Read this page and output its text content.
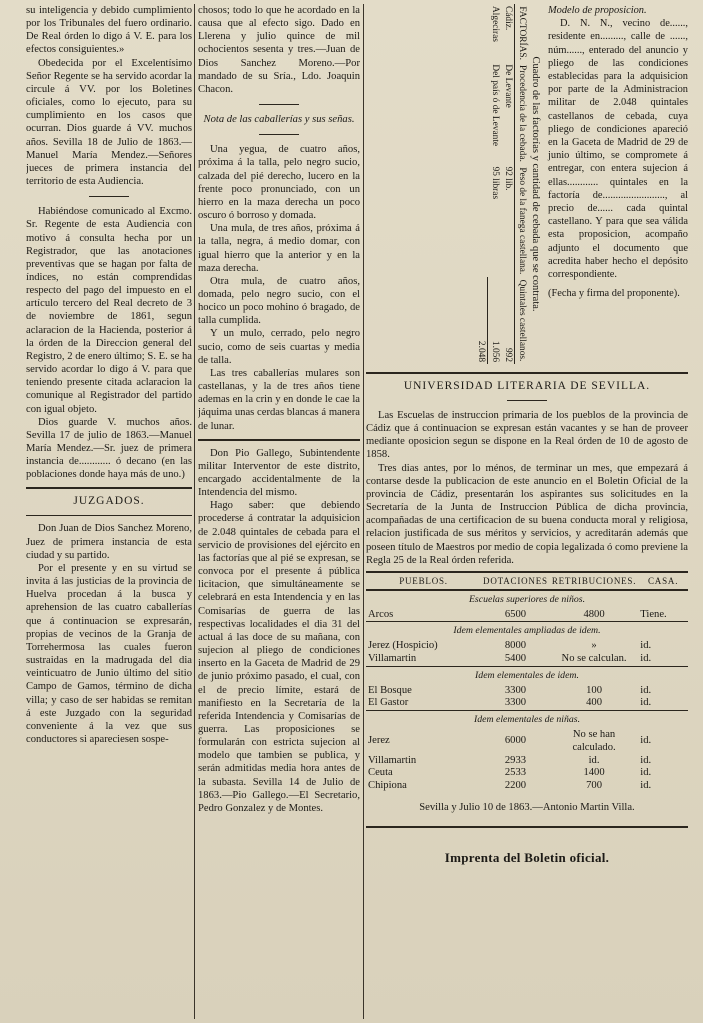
su inteligencia y debido cumplimiento por los Tribunales del fuero ordinario. De Real órden lo digo á V. E. para los efectos consiguientes.»

Obedecida por el Excelentísimo Señor Regente se ha servido acordar la circule á VV. por los Boletines oficiales, como lo ejecuto, para su cumplimiento en los casos que ocurran. Dios guarde á VV. muchos años. Sevilla 18 de Julio de 1863.—Manuel María Mendez.—Señores jueces de primera instancia del territorio de esta Audiencia.

Habiéndose comunicado al Excmo. Sr. Regente de esta Audiencia con motivo á consulta hecha por un Registrador, que las anotaciones preventivas que se hagan por falta de índices, no están comprendidas respecto del pago del impuesto en el artículo tercero del Real decreto de 3 de noviembre de 1861, segun aclaracion de la Hacienda, posterior á la órden de la Direccion general del Registro, 2 de enero último; S. E. se ha servido acordar lo digo á V. para que teniendo presente citada aclaracion la comunique al Registrador del partido con igual objeto.

Dios guarde V. muchos años. Sevilla 17 de julio de 1863.—Manuel María Mendez.—Sr. juez de primera instancia de............ ó decano (en las poblaciones donde haya más de uno.)

JUZGADOS.

Don Juan de Dios Sanchez Moreno, Juez de primera instancia de esta ciudad y su partido.

Por el presente y en su virtud se invita á las justicias de la provincia de Huelva procedan á la busca y aprehension de las cuatro caballerías que á continuacion se expresarán, propias de vecinos de la Granja de Torrehermosa las cuales fueron sustraidas en la madrugada del dia veinticuatro de Junio último del sitio Campo de Gamos, término de dicha villa; y caso de ser habidas se remitan á este Juzgado con la seguridad conveniente á la vez que sus conductores si apareciesen sospe-

chosos; todo lo que he acordado en la causa que al efecto sigo. Dado en Llerena y julio quince de mil ochocientos sesenta y tres.—Juan de Dios Sanchez Moreno.—Por mandado de su Sría., Ldo. Joaquin Chacon.

Nota de las caballerías y sus señas.

Una yegua, de cuatro años, próxima á la talla, pelo negro sucio, calzada del pié derecho, lucero en la frente poco pronunciado, con un hierro en la maza derecha un poco oscuro ó borroso y domada.

Una mula, de tres años, próxima á la talla, negra, á medio domar, con igual hierro que la anterior y en la maza derecha.

Otra mula, de cuatro años, domada, pelo negro sucio, con el hocico un poco mohino ó bragado, de talla cumplida.

Y un mulo, cerrado, pelo negro sucio, como de seis cuartas y media de talla.

Las tres caballerías mulares son castellanas, y la de tres años tiene ademas en la crin y en donde le cae la jáquima unas cerdas blancas á manera de lunar.

Don Pio Gallego, Subintendente militar Interventor de este distrito, encargado accidentalmente de la Intendencia del mismo.

Hago saber: que debiendo procederse á contratar la adquisicion de 2.048 quintales de cebada para el servicio de provisiones del ejército en las factorías que al pié se expresan, se convoca por el presente á pública licitacion, que simultáneamente se celebrará en esta Intendencia y en las Comisarías de guerra de las respectivas localidades el dia 31 del actual á las doce de su mañana, con sujecion al pliego de condiciones inserto en la Gaceta de Madrid de 29 de junio próximo pasado, el cual, con el de precio límite, estará de manifiesto en la Secretaría de la referida Intendencia y Comisarías de guerra. Las proposiciones se formularán con estricta sujecion al modelo que tambien se publica, y serán admitidas media hora antes de la subasta. Sevilla 14 de Julio de 1863.—Pio Gallego.—El Secretario, Pedro Gonzalez y de Montes.

Cuadro de las factorías y cantidad de cebada que se contrata.
FACTORÍAS.	Procedencia de la cebada.	Peso de la fanega castellana.	Quintales castellanos.
Cádiz.	De Levante	92 lib.	992
Algeciras	Del país ó de Levante	95 libras	1.056
			2.048

Modelo de proposicion.

D. N. N., vecino de......, residente en........., calle de ......, núm......, enterado del anuncio y pliego de las condiciones establecidas para la adquisicion por parte de la Administracion militar de 2.048 quintales castellanos de cebada, cuya pliego de condiciones apareció en la Gaceta de Madrid de 29 de junio último, se compromete á entregar, con entera sujecion á ellas............ quintales en la factoría de........................, al precio de...... cada quintal castellano. Y para que sea válida esta proposicion, acompaño adjunto el documento que acredita haber hecho el depósito correspondiente.

(Fecha y firma del proponente).

UNIVERSIDAD LITERARIA DE SEVILLA.

Las Escuelas de instruccion primaria de los pueblos de la provincia de Cádiz que á continuacion se expresan están vacantes y se han de proveer mediante oposicion segun se dispone en la Real órden de 10 de agosto de 1858.

Tres dias antes, por lo ménos, de terminar un mes, que empezará á contarse desde la publicacion de este anuncio en el Boletin Oficial de la provincia de Cádiz, presentarán los aspirantes sus solicitudes en la Secretaría de la Junta de Instruccion Pública de dicha provincia, acompañadas de una certificacion de su buena conducta moral y religiosa, relacion justificada de sus méritos y servicios, y acreditarán además que poseen título de Maestros por medio de copia legalizada ó como previene la Regla 25 de la Real órden referida.

PUEBLOS.	DOTACIONES	RETRIBUCIONES.	CASA.
Escuelas superiores de niños.			
Arcos	6500	4800	Tiene.
Idem elementales ampliadas de idem.			
Jerez (Hospicio)	8000	»	id.
Villamartin	5400	No se calculan.	id.
Idem elementales de idem.			
El Bosque	3300	100	id.
El Gastor	3300	400	id.
Idem elementales de niñas.			
Jerez	6000	No se han calculado.	id.
Villamartin	2933	id.	id.
Ceuta	2533	1400	id.
Chipiona	2200	700	id.

Sevilla y Julio 10 de 1863.—Antonio Martin Villa.

Imprenta del Boletin oficial.
